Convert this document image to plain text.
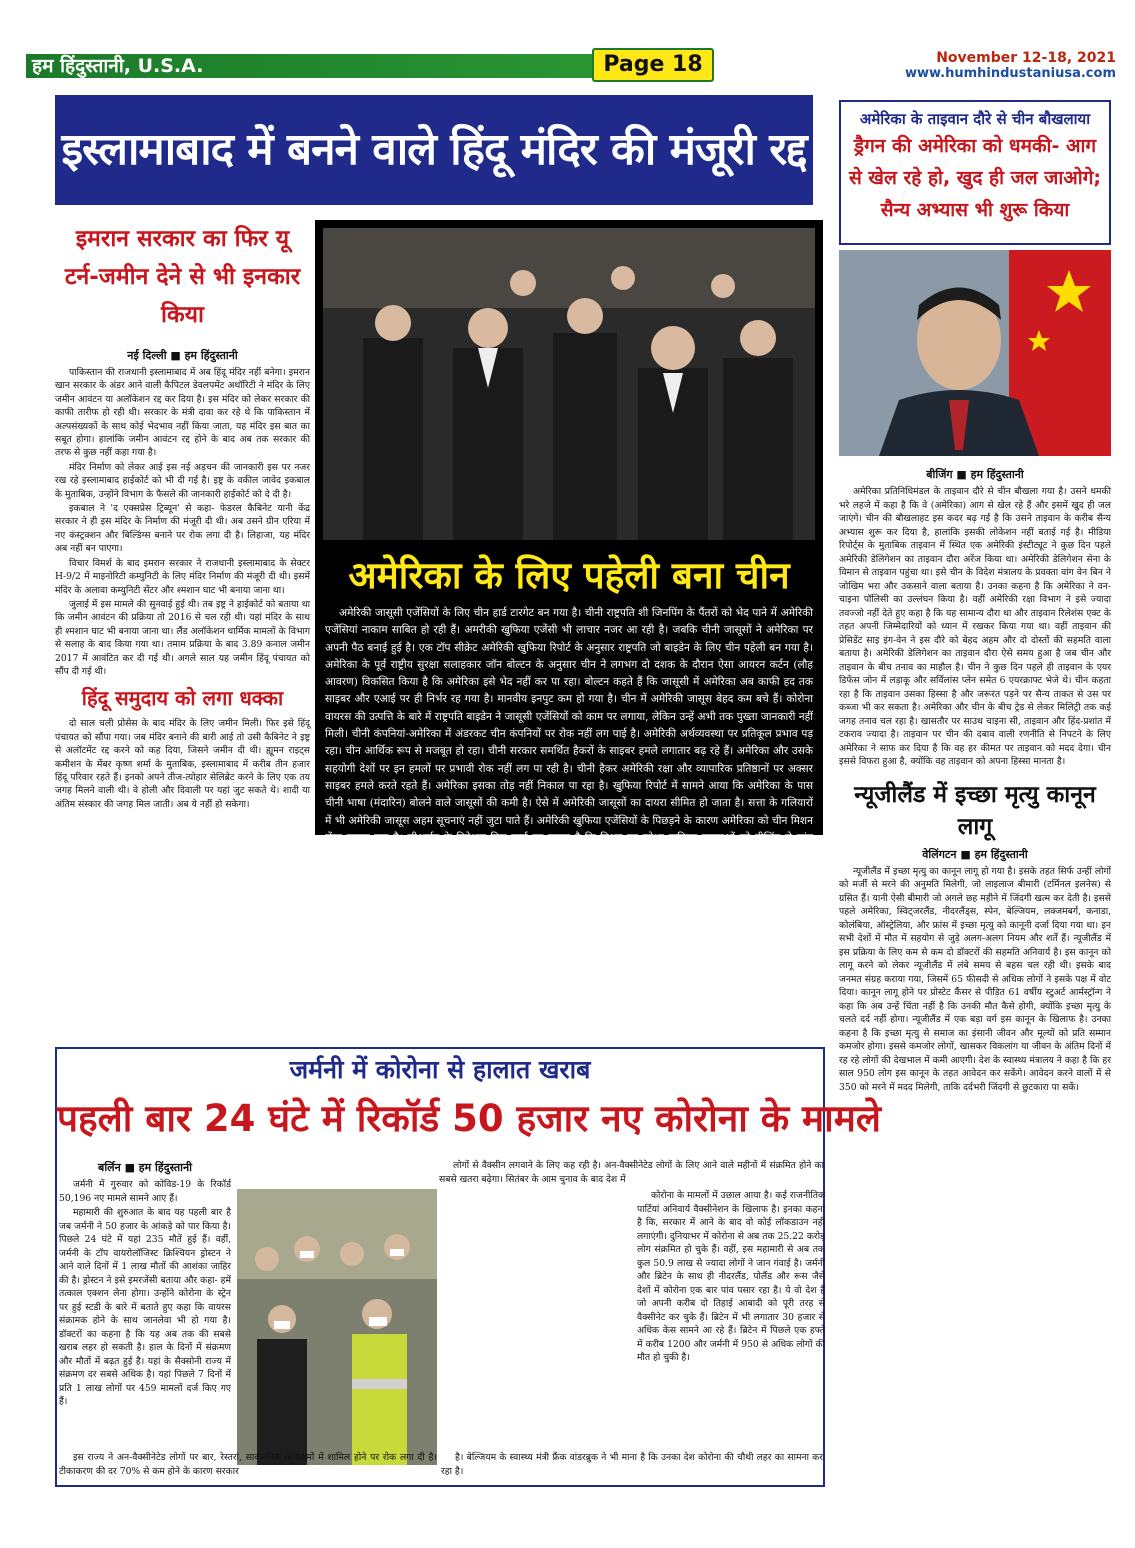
हम हिंदुस्तानी, U.S.A.	Page 18	November 12-18, 2021
www.humhindustaniusa.com
इस्लामाबाद में बनने वाले हिंदू मंदिर की मंजूरी रद्द
इमरान सरकार का फिर यू टर्न-जमीन देने से भी इनकार किया
नई दिल्ली ■ हम हिंदुस्तानी

पाकिस्तान की राजधानी इस्लामाबाद में अब हिंदू मंदिर नहीं बनेगा। इमरान खान सरकार के अंडर आने वाली कैपिटल डेवलपमेंट अथॉरिटी ने मंदिर के लिए जमीन आवंटन या अलॉकेशन रद्द कर दिया है। इस मंदिर को लेकर सरकार की काफी तारीफ हो रही थी। सरकार के मंत्री दावा कर रहे थे कि पाकिस्तान में अल्पसंख्यकों के साथ कोई भेदभाव नहीं किया जाता, यह मंदिर इस बात का सबूत होगा। हालांकि जमीन आवंटन रद्द होने के बाद अब तक सरकार की तरफ से कुछ नहीं कहा गया है।

मंदिर निर्माण को लेकर आई इस नई अड़चन की जानकारी इस पर नजर रख रहे इस्लामाबाद हाईकोर्ट को भी दी गई है। इष्ट्र के वकील जावेद इकबाल के मुताबिक, उन्होंने विभाग के फैसले की जानकारी हाईकोर्ट को दे दी है।

इकबाल ने 'द एक्सप्रेस ट्रिब्यून' से कहा- फेडरल कैबिनेट यानी केंद्र सरकार ने ही इस मंदिर के निर्माण की मंजूरी दी थी। अब उसने ग्रीन एरिया में नए कंस्ट्रक्शन और बिल्डिंग्स बनाने पर रोक लगा दी है। लिहाजा, यह मंदिर अब नहीं बन पाएगा।

विचार विमर्श के बाद इमरान सरकार ने राजधानी इस्लामाबाद के सेक्टर H-9/2 में माइनोरिटी कम्युनिटी के लिए मंदिर निर्माण की मंजूरी दी थी। इसमें मंदिर के अलावा कम्युनिटी सेंटर और श्मशान घाट भी बनाया जाना था।

जुलाई में इस मामले की सुनवाई हुई थी। तब इष्ट्र ने हाईकोर्ट को बताया था कि जमीन आवंटन की प्रक्रिया तो 2016 से चल रही थी। यहां मंदिर के साथ ही श्मशान घाट भी बनाया जाना था। लैंड अलॉकेशन धार्मिक मामलों के विभाग से सलाह के बाद किया गया था। तमाम प्रक्रिया के बाद 3.89 कनाल जमीन 2017 में आवंटित कर दी गई थी। अगले साल यह जमीन हिंदू पंचायत को सौंप दी गई थी।

हिंदू समुदाय को लगा धक्का

दो साल चली प्रोसेस के बाद मंदिर के लिए जमीन मिली। फिर इसे हिंदू पंचायत को सौंपा गया। जब मंदिर बनाने की बारी आई तो उसी कैबिनेट ने इष्ट्र से अलॉटमेंट रद्द करने को कह दिया, जिसने जमीन दी थी। ह्यूमन राइट्स कमीशन के मेंबर कृष्ण शर्मा के मुताबिक, इस्लामाबाद में करीब तीन हजार हिंदू परिवार रहते हैं। इनको अपने तीज-त्योहार सेलिब्रेट करने के लिए एक तय जगह मिलने वाली थी। वे होली और दिवाली पर यहां जुट सकते थे। शादी या अंतिम संस्कार की जगह मिल जाती। अब ये नहीं हो सकेगा।

अमेरिका के लिए पहेली बना चीन
अमेरिकी जासूसी एजेंसियों के लिए चीन हार्ड टारगेट बन गया है। चीनी राष्ट्रपति शी जिनपिंग के पैंतरों को भेद पाने में अमेरिकी एजेंसियां नाकाम साबित हो रही हैं। अमरीकी खुफिया एजेंसी भी लाचार नजर आ रही है। जबकि चीनी जासूसों ने अमेरिका पर अपनी पैठ बनाई हुई है। एक टॉप सीक्रेट अमेरिकी खुफिया रिपोर्ट के अनुसार राष्ट्रपति जो बाइडेन के लिए चीन पहेली बन गया है। अमेरिका के पूर्व राष्ट्रीय सुरक्षा सलाहकार जॉन बोल्टन के अनुसार चीन ने लगभग दो दशक के दौरान ऐसा आयरन कर्टन (लौह आवरण) विकसित किया है कि अमेरिका इसे भेद नहीं कर पा रहा। बोल्टन कहते हैं कि जासूसी में अमेरिका अब काफी हद तक साइबर और एआई पर ही निर्भर रह गया है। मानवीय इनपुट कम हो गया है। चीन में अमेरिकी जासूस बेहद कम बचे हैं। कोरोना वायरस की उत्पत्ति के बारे में राष्ट्रपति बाइडेन ने जासूसी एजेंसियों को काम पर लगाया, लेकिन उन्हें अभी तक पुख्ता जानकारी नहीं मिली। चीनी कंपनियां-अमेरिका में अंडरकट चीन कंपनियों पर रोक नहीं लग पाई है। अमेरिकी अर्थव्यवस्था पर प्रतिकूल प्रभाव पड़ रहा। चीन आर्थिक रूप से मजबूत हो रहा। चीनी सरकार समर्थित हैकरों के साइबर हमले लगातार बढ़ रहे हैं। अमेरिका और उसके सहयोगी देशों पर इन हमलों पर प्रभावी रोक नहीं लग पा रही है। चीनी हैकर अमेरिकी रक्षा और व्यापारिक प्रतिष्ठानों पर अक्सर साइबर हमले करते रहते हैं। अमेरिका इसका तोड़ नहीं निकाल पा रहा है। खुफिया रिपोर्ट में सामने आया कि अमेरिका के पास चीनी भाषा (मंदारिन) बोलने वाले जासूसों की कमी है। ऐसे में अमेरिकी जासूसों का दायरा सीमित हो जाता है। सत्ता के गलियारों में भी अमेरिकी जासूस अहम सूचनाएं नहीं जुटा पाते हैं। अमेरिकी खुफिया एजेंसियों के पिछड़ने के कारण अमेरिका को चीन मिशन सेंटर बनाना पड़ा है। सीआईए के निदेशक बिल बर्न्स का कहना है कि मिशन का उद्देश्य खुफिया सूचनाओं को बीजिंग से तुरंत पहुंचाना है।
अमेरिका के ताइवान दौरे से चीन बौखलाया
ड्रैगन की अमेरिका को धमकी- आग से खेल रहे हो, खुद ही जल जाओगे; सैन्य अभ्यास भी शुरू किया
बीजिंग ■ हम हिंदुस्तानी

अमेरिका प्रतिनिधिमंडल के ताइवान दौरे से चीन बौखला गया है। उसने धमकी भरे लहजे में कहा है कि वे (अमेरिका) आग से खेल रहे हैं और इसमें खुद ही जल जाएंगे। चीन की बौखलाहट इस कदर बढ़ गई है कि उसने ताइवान के करीब सैन्य अभ्यास शुरू कर दिया है, हालांकि इसकी लोकेशन नहीं बताई गई है। मीडिया रिपोर्ट्स के मुताबिक ताइवान में स्थित एक अमेरिकी इंस्टीट्यूट ने कुछ दिन पहले अमेरिकी डेलिगेशन का ताइवान दौरा अरेंज किया था। अमेरिकी डेलिगेशन सेना के विमान से ताइवान पहुंचा था। इसे चीन के विदेश मंत्रालय के प्रवक्ता वांग वेन बिन ने जोखिम भरा और उकसाने वाला बताया है। उनका कहना है कि अमेरिका ने वन-चाइना पॉलिसी का उल्लंघन किया है। वहीं अमेरिकी रक्षा विभाग ने इसे ज्यादा तवज्जो नहीं देते हुए कहा है कि यह सामान्य दौरा था और ताइवान रिलेशंस एक्ट के तहत अपनी जिम्मेदारियों को ध्यान में रखकर किया गया था। वहीं ताइवान की प्रेसिडेंट साइ इंग-वेन ने इस दौरे को बेहद अहम और दो दोस्तों की सहमति वाला बताया है। अमेरिकी डेलिगेशन का ताइवान दौरा ऐसे समय हुआ है जब चीन और ताइवान के बीच तनाव का माहौल है। चीन ने कुछ दिन पहले ही ताइवान के एयर डिफेंस जोन में लड़ाकू और सर्विलांस प्लेन समेत 6 एयरक्राफ्ट भेजे थे। चीन कहता रहा है कि ताइवान उसका हिस्सा है और जरूरत पड़ने पर सैन्य ताकत से उस पर कब्जा भी कर सकता है। अमेरिका और चीन के बीच ट्रेड से लेकर मिलिट्री तक कई जगह तनाव चल रहा है। खासतौर पर साउथ चाइना सी, ताइवान और हिंद-प्रशांत में टकराव ज्यादा है। ताइवान पर चीन की दबाव वाली रणनीति से निपटने के लिए अमेरिका ने साफ कर दिया है कि वह हर कीमत पर ताइवान को मदद देगा। चीन इससे विफरा हुआ है, क्योंकि वह ताइवान को अपना हिस्सा मानता है।

न्यूजीलैंड में इच्छा मृत्यु कानून लागू
वेलिंगटन ■ हम हिंदुस्तानी

न्यूजीलैंड में इच्छा मृत्यु का कानून लागू हो गया है। इसके तहत सिर्फ उन्हीं लोगों को मर्जी से मरने की अनुमति मिलेगी, जो लाइलाज बीमारी (टर्मिनल इलनेस) से ग्रसित हैं। यानी ऐसी बीमारी जो अगले छह महीने में जिंदगी खत्म कर देती है। इससे पहले अमेरिका, स्विट्जरलैंड, नीदरलैंड्स, स्पेन, बेल्जियम, लक्जमबर्ग, कनाडा, कोलंबिया, ऑस्ट्रेलिया, और फ्रांस में इच्छा मृत्यु को कानूनी दर्जा दिया गया था। इन सभी देशों में मौत में सहयोग से जुड़े अलग-अलग नियम और शर्तें हैं। न्यूजीलैंड में इस प्रक्रिया के लिए कम से कम दो डॉक्टरों की सहमति अनिवार्य है। इस कानून को लागू करने को लेकर न्यूजीलैंड में लंबे समय से बहस चल रही थी। इसके बाद जनमत संग्रह कराया गया, जिसमें 65 फीसदी से अधिक लोगों ने इसके पक्ष में वोट दिया। कानून लागू होने पर प्रोस्टेट कैंसर से पीड़ित 61 वर्षीय स्टुअर्ट आर्मस्ट्रॉन्ग ने कहा कि अब उन्हें चिंता नहीं है कि उनकी मौत कैसे होगी, क्योंकि इच्छा मृत्यु के चलते दर्द नहीं होगा। न्यूजीलैंड में एक बड़ा वर्ग इस कानून के खिलाफ है। उनका कहना है कि इच्छा मृत्यु से समाज का इंसानी जीवन और मूल्यों को प्रति सम्मान कमजोर होगा। इससे कमजोर लोगों, खासकर विकलांग या जीवन के अंतिम दिनों में रह रहे लोगों की देखभाल में कमी आएगी। देश के स्वास्थ्य मंत्रालय ने कहा है कि हर साल 950 लोग इस कानून के तहत आवेदन कर सकेंगे। आवेदन करने वालों में से 350 को मरने में मदद मिलेगी, ताकि दर्दभरी जिंदगी से छुटकारा पा सकें।

जर्मनी में कोरोना से हालात खराब
पहली बार 24 घंटे में रिकॉर्ड 50 हजार नए कोरोना के मामले
बर्लिन ■ हम हिंदुस्तानी

जर्मनी में गुरुवार को कोविड-19 के रिकॉर्ड 50,196 नए मामले सामने आए हैं।

महामारी की शुरुआत के बाद यह पहली बार है जब जर्मनी ने 50 हजार के आंकड़े को पार किया है। पिछले 24 घंटे में यहां 235 मौतें हुई हैं। वहीं, जर्मनी के टॉप वायरोलॉजिस्ट क्रिश्चियन ड्रोस्टन ने आने वाले दिनों में 1 लाख मौतों की आशंका जाहिर की है। ड्रोस्टन ने इसे इमरजेंसी बताया और कहा- हमें तत्काल एक्शन लेना होगा। उन्होंने कोरोना के स्ट्रेन पर हुई स्टडी के बारे में बताते हुए कहा कि वायरस संक्रामक होने के साथ जानलेवा भी हो गया है। डॉक्टरों का कहना है कि यह अब तक की सबसे खराब लहर हो सकती है। हाल के दिनों में संक्रमण और मौतों में बढ़त हुई है। यहां के सैक्सोनी राज्य में संक्रमण दर सबसे अधिक है। यहां पिछले 7 दिनों में प्रति 1 लाख लोगों पर 459 मामलों दर्ज किए गए हैं।

लोगों से वैक्सीन लगवाने के लिए कह रही है। अन-वैक्सीनेटेड लोगों के लिए आने वाले महीनों में संक्रमित होने का सबसे खतरा बढ़ेगा। सितंबर के आम चुनाव के बाद देश में

कोरोना के मामलों में उछाल आया है। कई राजनीतिक पार्टियां अनिवार्य वैक्सीनेशन के खिलाफ है। इनका कहना है कि, सरकार में आने के बाद वो कोई लॉकडाउन नहीं लगाएंगी। दुनियाभर में कोरोना से अब तक 25.22 करोड़ लोग संक्रमित हो चुके हैं। वहीं, इस महामारी से अब तक कुल 50.9 लाख से ज्यादा लोगों ने जान गंवाई है। जर्मनी और ब्रिटेन के साथ ही नीदरलैंड, पोलैंड और रूस जैसे देशों में कोरोना एक बार पांव पसार रहा है। ये वो देश हैं जो अपनी करीब दो तिहाई आबादी को पूरी तरह से वैक्सीनेट कर चुके हैं। ब्रिटेन में भी लगातार 30 हजार से अधिक केस सामने आ रहे हैं। ब्रिटेन में पिछले एक हफ्ते में करीब 1200 और जर्मनी में 950 से अधिक लोगों की मौत हो चुकी है।

इस राज्य ने अन-वैक्सीनेटेड लोगों पर बार, रेस्तरां, सार्वजनिक कार्यक्रमों में शामिल होने पर रोक लगा दी है। टीकाकरण की दर 70% से कम होने के कारण सरकार

है। बेल्जियम के स्वास्थ्य मंत्री फ्रैंक वांडरब्रुक ने भी माना है कि उनका देश कोरोना की चौथी लहर का सामना कर रहा है।
